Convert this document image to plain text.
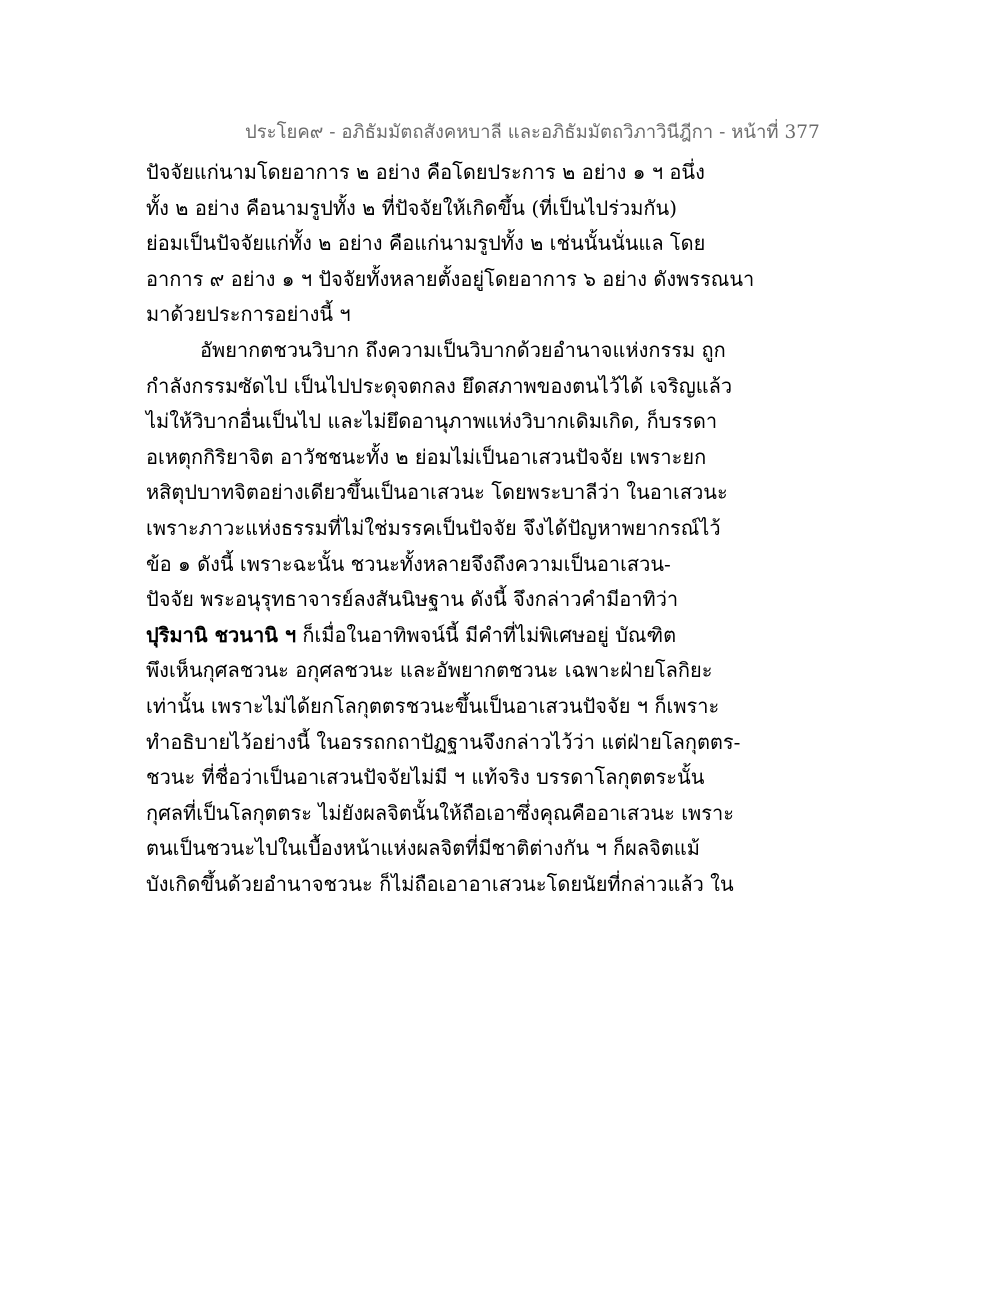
ประโยค๙ - อภิธัมมัตถสังคหบาลี และอภิธัมมัตถวิภาวินีฎีกา - หน้าที่ 377
ปัจจัยแก่นามโดยอาการ ๒ อย่าง คือโดยประการ ๒ อย่าง ๑ ฯ อนึ่ง
ทั้ง ๒ อย่าง คือนามรูปทั้ง ๒ ที่ปัจจัยให้เกิดขึ้น (ที่เป็นไปร่วมกัน)
ย่อมเป็นปัจจัยแก่ทั้ง ๒ อย่าง คือแก่นามรูปทั้ง ๒ เช่นนั้นนั่นแล โดย
อาการ ๙ อย่าง ๑ ฯ ปัจจัยทั้งหลายตั้งอยู่โดยอาการ ๖ อย่าง ดังพรรณนา
มาด้วยประการอย่างนี้ ฯ
อัพยากตชวนวิบาก ถึงความเป็นวิบากด้วยอำนาจแห่งกรรม ถูก
กำลังกรรมซัดไป เป็นไปประดุจตกลง ยึดสภาพของตนไว้ได้ เจริญแล้ว
ไม่ให้วิบากอื่นเป็นไป และไม่ยึดอานุภาพแห่งวิบากเดิมเกิด, ก็บรรดา
อเหตุกกิริยาจิต อาวัชชนะทั้ง ๒ ย่อมไม่เป็นอาเสวนปัจจัย เพราะยก
หสิตุปบาทจิตอย่างเดียวขึ้นเป็นอาเสวนะ โดยพระบาลีว่า ในอาเสวนะ
เพราะภาวะแห่งธรรมที่ไม่ใช่มรรคเป็นปัจจัย จึงได้ปัญหาพยากรณ์ไว้
ข้อ ๑ ดังนี้ เพราะฉะนั้น ชวนะทั้งหลายจึงถึงความเป็นอาเสวน-
ปัจจัย พระอนุรุทธาจารย์ลงสันนิษฐาน ดังนี้ จึงกล่าวคำมีอาทิว่า
ปุริมานิ ชวนานิ ฯ ก็เมื่อในอาทิพจน์นี้ มีคำที่ไม่พิเศษอยู่ บัณฑิต
พึงเห็นกุศลชวนะ อกุศลชวนะ และอัพยากตชวนะ เฉพาะฝ่ายโลกิยะ
เท่านั้น เพราะไม่ได้ยกโลกุตตรชวนะขึ้นเป็นอาเสวนปัจจัย ฯ ก็เพราะ
ทำอธิบายไว้อย่างนี้ ในอรรถกถาปัฏฐานจึงกล่าวไว้ว่า แต่ฝ่ายโลกุตตร-
ชวนะ ที่ชื่อว่าเป็นอาเสวนปัจจัยไม่มี ฯ แท้จริง บรรดาโลกุตตระนั้น
กุศลที่เป็นโลกุตตระ ไม่ยังผลจิตนั้นให้ถือเอาซึ่งคุณคืออาเสวนะ เพราะ
ตนเป็นชวนะไปในเบื้องหน้าแห่งผลจิตที่มีชาติต่างกัน ฯ ก็ผลจิตแม้
บังเกิดขึ้นด้วยอำนาจชวนะ ก็ไม่ถือเอาอาเสวนะโดยนัยที่กล่าวแล้ว ใน
